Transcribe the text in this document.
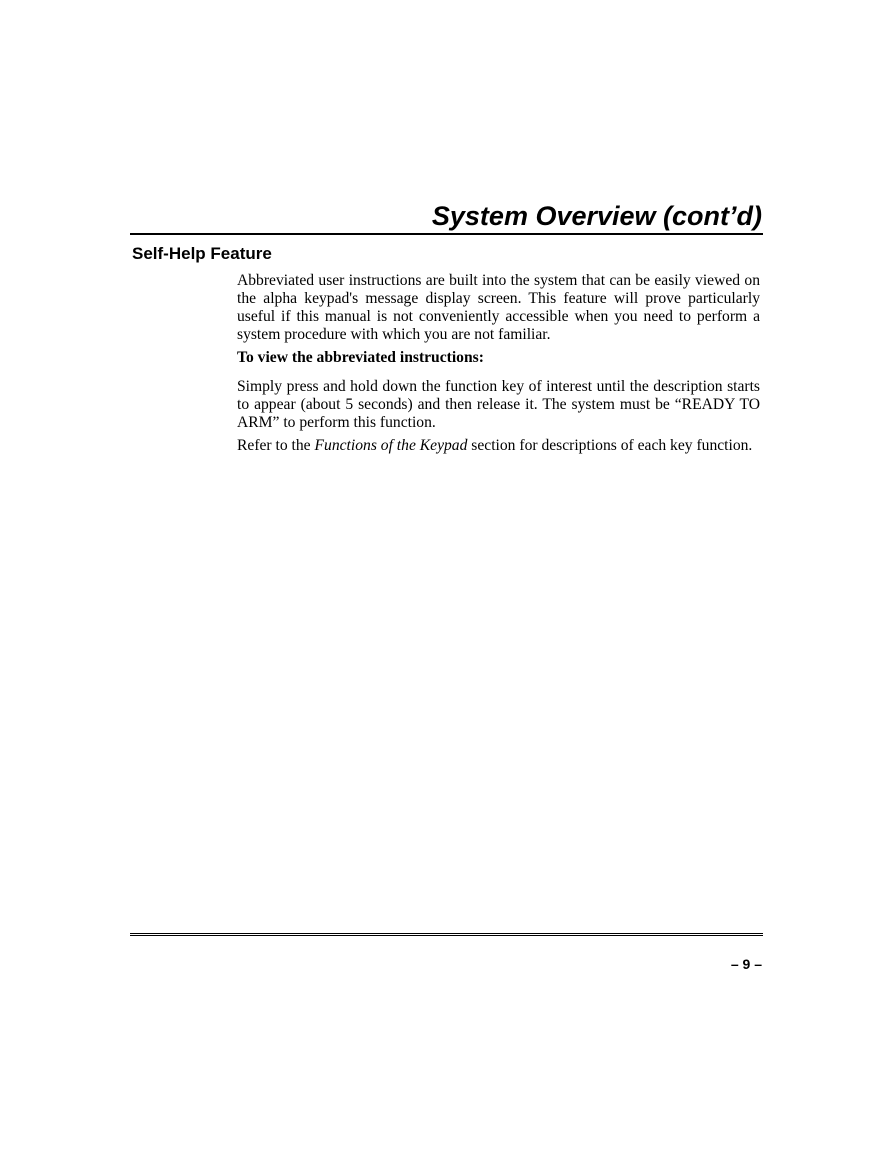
System Overview (cont’d)
Self-Help Feature

Abbreviated user instructions are built into the system that can be easily viewed on the alpha keypad's message display screen. This feature will prove particularly useful if this manual is not conveniently accessible when you need to perform a system procedure with which you are not familiar.

To view the abbreviated instructions:

Simply press and hold down the function key of interest until the description starts to appear (about 5 seconds) and then release it. The system must be “READY TO ARM” to perform this function.

Refer to the Functions of the Keypad section for descriptions of each key function.

– 9 –
